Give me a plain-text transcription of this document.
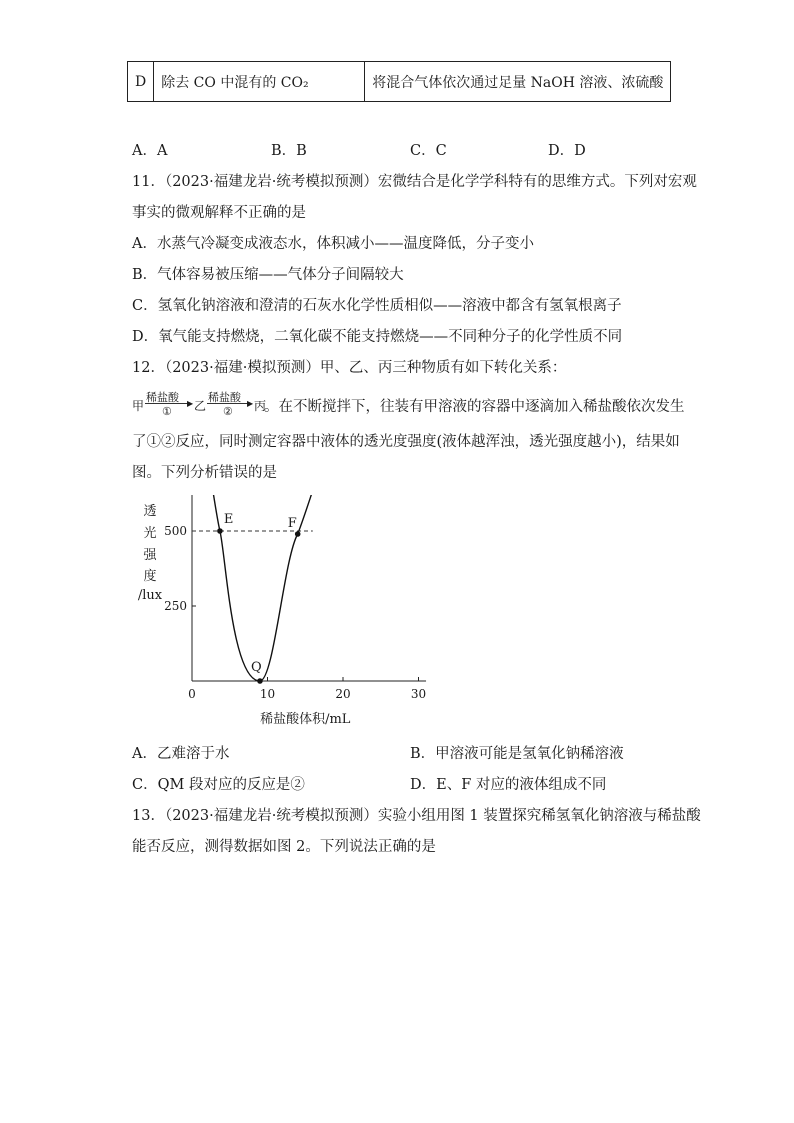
D	除去 CO 中混有的 CO₂	将混合气体依次通过足量 NaOH 溶液、浓硫酸
A．A	B．B	C．C	D．D
11．（2023·福建龙岩·统考模拟预测）宏微结合是化学学科特有的思维方式。下列对宏观
事实的微观解释不正确的是
A．水蒸气冷凝变成液态水，体积减小——温度降低，分子变小
B．气体容易被压缩——气体分子间隔较大
C．氢氧化钠溶液和澄清的石灰水化学性质相似——溶液中都含有氢氧根离子
D．氧气能支持燃烧，二氧化碳不能支持燃烧——不同种分子的化学性质不同
12．（2023·福建·模拟预测）甲、乙、丙三种物质有如下转化关系：
甲
稀盐酸 ▶
① 乙
稀盐酸 ▶
② 丙
。在不断搅拌下，往装有甲溶液的容器中逐滴加入稀盐酸依次发生
了①②反应，同时测定容器中液体的透光度强度(液体越浑浊，透光强度越小)，结果如
图。下列分析错误的是
0	10	20	30
250
500
透
光
强
度
/lux
稀盐酸体积/mL
E
Q
F
A．乙难溶于水	B．甲溶液可能是氢氧化钠稀溶液
C．QM 段对应的反应是②	D．E、F 对应的液体组成不同
13．（2023·福建龙岩·统考模拟预测）实验小组用图 1 装置探究稀氢氧化钠溶液与稀盐酸
能否反应，测得数据如图 2。下列说法正确的是
